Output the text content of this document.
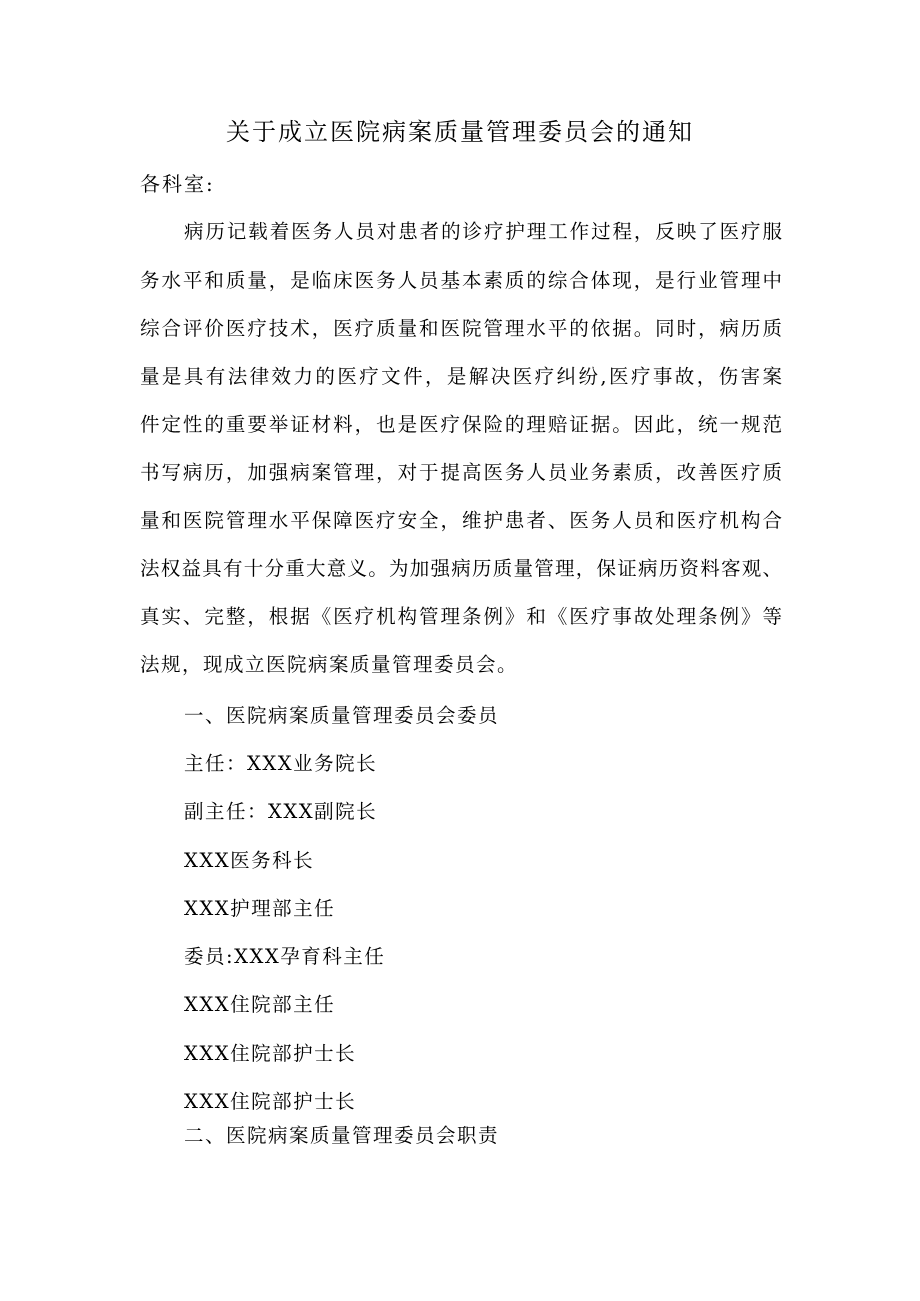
关于成立医院病案质量管理委员会的通知
各科室:
病历记载着医务人员对患者的诊疗护理工作过程，反映了医疗服
务水平和质量，是临床医务人员基本素质的综合体现，是行业管理中
综合评价医疗技术，医疗质量和医院管理水平的依据。同时，病历质
量是具有法律效力的医疗文件，是解决医疗纠纷,医疗事故，伤害案
件定性的重要举证材料，也是医疗保险的理赔证据。因此，统一规范
书写病历，加强病案管理，对于提高医务人员业务素质，改善医疗质
量和医院管理水平保障医疗安全，维护患者、医务人员和医疗机构合
法权益具有十分重大意义。为加强病历质量管理，保证病历资料客观、
真实、完整，根据《医疗机构管理条例》和《医疗事故处理条例》等
法规，现成立医院病案质量管理委员会。
一、医院病案质量管理委员会委员
主任：XXX业务院长
副主任：XXX副院长
XXX医务科长
XXX护理部主任
委员:XXX孕育科主任
XXX住院部主任
XXX住院部护士长
XXX住院部护士长
二、医院病案质量管理委员会职责
